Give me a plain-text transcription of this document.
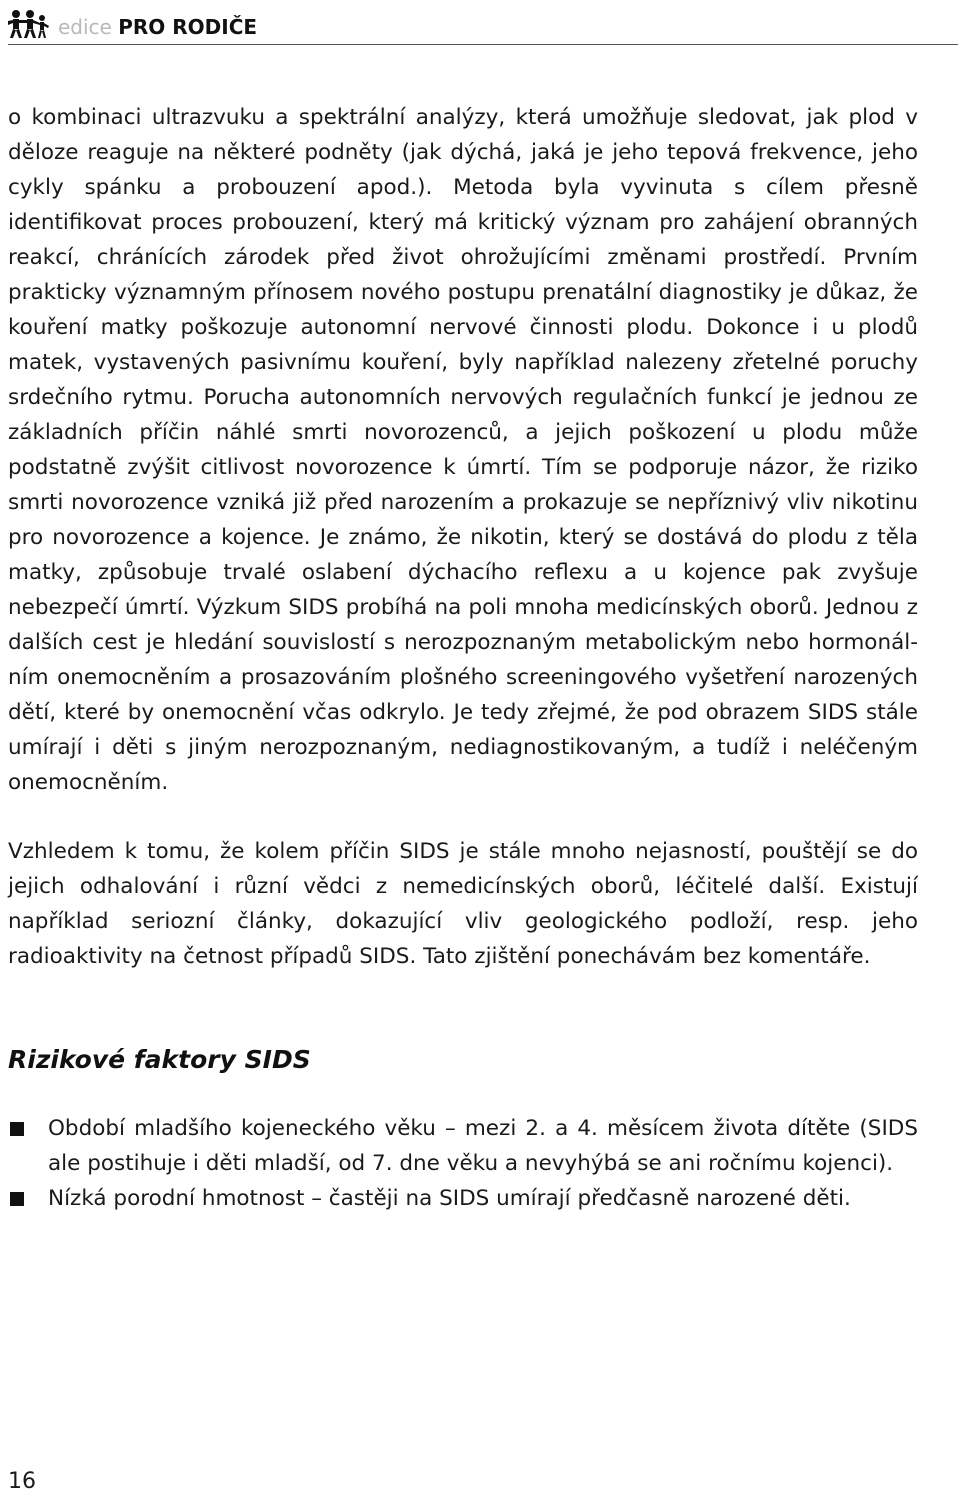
edice PRO RODIČE

o kombinaci ultrazvuku a spektrální analýzy, která umožňuje sledovat, jak plod v děloze reaguje na některé podněty (jak dýchá, jaká je jeho tepová frekvence, jeho cykly spánku a probouzení apod.). Metoda byla vyvinuta s cílem přesně identifikovat proces probouzení, který má kritický význam pro zahájení obranných reakcí, chránících zárodek před život ohrožujícími změnami prostředí. Prvním prakticky významným přínosem nového postupu prenatální diagnostiky je důkaz, že kouření matky poškozuje autonomní nervové činnosti plodu. Dokonce i u plodů matek, vystavených pasivnímu kouření, byly například nalezeny zřetelné poruchy srdečního rytmu. Porucha autonomních nervových regulačních funkcí je jednou ze základních příčin náhlé smrti novorozenců, a jejich poškození u plodu může podstatně zvýšit citlivost novorozence k úmrtí. Tím se podporuje názor, že riziko smrti novorozence vzniká již před narozením a prokazuje se nepříznivý vliv nikotinu pro novorozence a kojence. Je známo, že nikotin, který se dostává do plodu z těla matky, způsobuje trvalé oslabení dýchacího reflexu a u kojence pak zvyšuje nebezpečí úmrtí. Výzkum SIDS probíhá na poli mnoha medicínských oborů. Jednou z dalších cest je hledání souvislostí s nerozpoznaným metabolickým nebo hormonálním onemocněním a prosazováním plošného screeningového vyšetření narozených dětí, které by onemocnění včas odkrylo. Je tedy zřejmé, že pod obrazem SIDS stále umírají i děti s jiným nerozpoznaným, nediagnostikovaným, a tudíž i neléčeným onemocněním.

Vzhledem k tomu, že kolem příčin SIDS je stále mnoho nejasností, pouštějí se do jejich odhalování i různí vědci z nemedicínských oborů, léčitelé další. Existují například seriozní články, dokazující vliv geologického podloží, resp. jeho radioaktivity na četnost případů SIDS. Tato zjištění ponechávám bez komentáře.

Rizikové faktory SIDS
Období mladšího kojeneckého věku – mezi 2. a 4. měsícem života dítěte (SIDS ale postihuje i děti mladší, od 7. dne věku a nevyhýbá se ani ročnímu kojenci).
Nízká porodní hmotnost – častěji na SIDS umírají předčasně narozené děti.
16
